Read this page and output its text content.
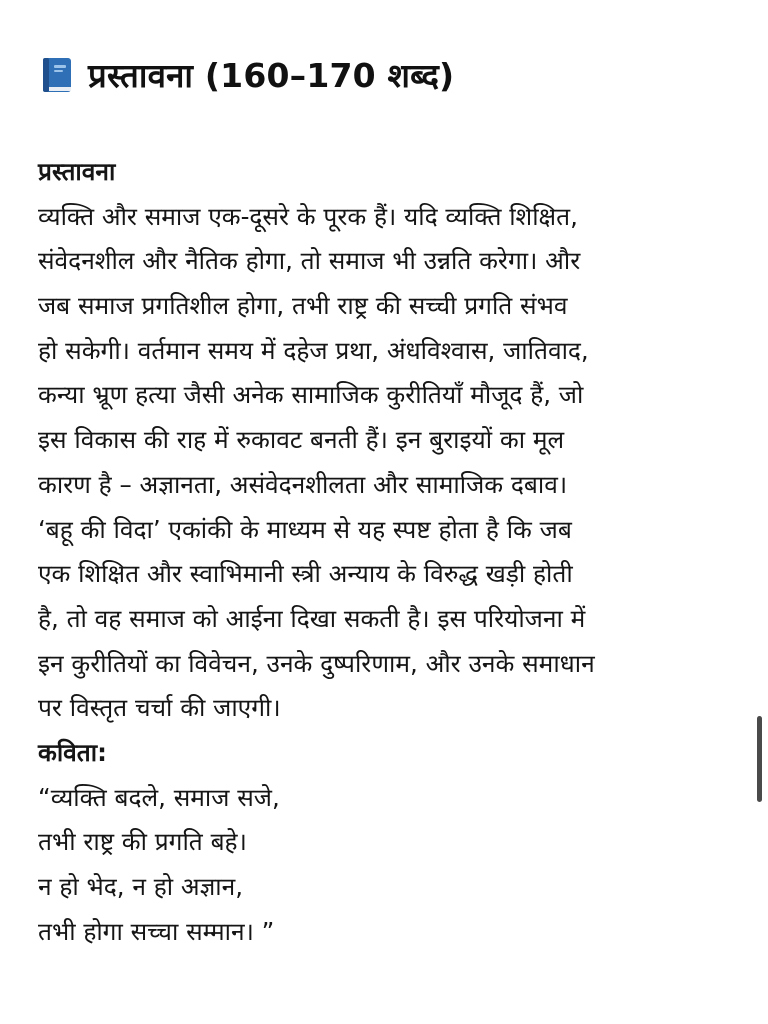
प्रस्तावना (160–170 शब्द)
प्रस्तावना
व्यक्ति और समाज एक-दूसरे के पूरक हैं। यदि व्यक्ति शिक्षित,
संवेदनशील और नैतिक होगा, तो समाज भी उन्नति करेगा। और
जब समाज प्रगतिशील होगा, तभी राष्ट्र की सच्ची प्रगति संभव
हो सकेगी। वर्तमान समय में दहेज प्रथा, अंधविश्वास, जातिवाद,
कन्या भ्रूण हत्या जैसी अनेक सामाजिक कुरीतियाँ मौजूद हैं, जो
इस विकास की राह में रुकावट बनती हैं। इन बुराइयों का मूल
कारण है – अज्ञानता, असंवेदनशीलता और सामाजिक दबाव।
‘बहू की विदा’ एकांकी के माध्यम से यह स्पष्ट होता है कि जब
एक शिक्षित और स्वाभिमानी स्त्री अन्याय के विरुद्ध खड़ी होती
है, तो वह समाज को आईना दिखा सकती है। इस परियोजना में
इन कुरीतियों का विवेचन, उनके दुष्परिणाम, और उनके समाधान
पर विस्तृत चर्चा की जाएगी।
कविता:
“व्यक्ति बदले, समाज सजे,
तभी राष्ट्र की प्रगति बहे।
न हो भेद, न हो अज्ञान,
तभी होगा सच्चा सम्मान। ”
